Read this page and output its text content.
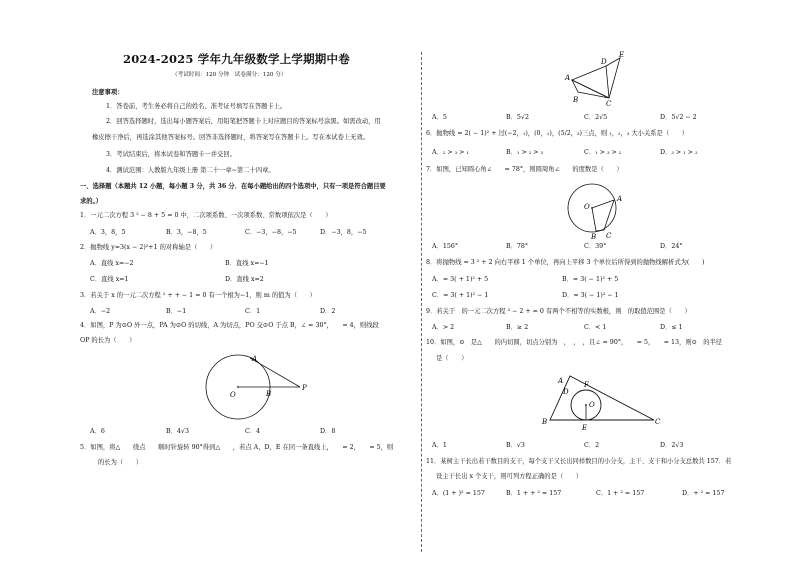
2024-2025 学年九年级数学上学期期中卷
（考试时间：120 分钟　试卷满分：120 分）
注意事项：
1．答卷前，考生务必将自己的姓名、准考证号填写在答题卡上。
2．回答选择题时，选出每小题答案后，用铅笔把答题卡上对应题目的答案标号涂黑。如需改动，用
橡皮擦干净后，再选涂其他答案标号。回答非选择题时，将答案写在答题卡上。写在本试卷上无效。
3．考试结束后，将本试卷和答题卡一并交回。
4．测试范围：人教版九年级上册 第二十一章~第二十四章。
一、选择题（本题共 12 小题，每小题 3 分，共 36 分．在每小题给出的四个选项中，只有一项是符合题目要
求的。）
1．一元二次方程 3 ² − 8 + 5 = 0 中，二次项系数、一次项系数、常数项依次是（　　）
A．3，8，5	B．3，−8，5	C．−3，−8，−5	D．−3，8，−5
2．抛物线 y=3(x − 2)²+1 的对称轴是（　　）
A．直线 x=−2	B．直线 x=−1
C．直线 x=1	D．直线 x=2
3．若关于 x 的一元二次方程 ² + + − 1 = 0 有一个根为−1，则 m 的值为（　　）
A．−2	B．−1	C．1	D．2
4．如图，P 为⊙O 外一点，PA 为⊙O 的切线，A 为切点，PO 交⊙O 于点 B，∠ = 30°，　　= 4，则线段
OP 的长为（　　）
A
O	B
P
A．6	B．4√3	C．4	D．8
5．如图，将△　　绕点　　顺时针旋转 90°得到△　　，若点 A，D，E 在同一条直线上，　　= 2，　　= 5，则
的长为（　　）
A
B	C
D
E
A．5	B．5√2	C．2√5	D．5√2 − 2
6．抛物线 = 2( − 1)² + 过(−2，₁)，(0，₂)，(5/2，₃)三点，则 ₁，₂，₃ 大小关系是（　　）
A．₂ > ₃ > ₁	B．₁ > ₂ > ₃	C．₁ > ₃ > ₂	D．₃ > ₁ > ₂
7．如图，已知圆心角∠　　= 78°，则圆周角∠　　的度数是（　　）
A
O
B C
A．156°	B．78°	C．39°	D．24°
8．将抛物线 = 3 ² + 2 向右平移 1 个单位，再向上平移 3 个单位后所得到的抛物线解析式为(　　)
A．= 3( + 1)² + 5	B．= 3( − 1)² + 5
C．= 3( + 1)² − 1	D．= 3( − 1)² − 1
9．若关于　的一元二次方程 ² − 2 + = 0 有两个不相等的实数根，则　的取值范围是（　　）
A．> 2	B．≥ 2	C．< 1	D．≤ 1
10．如图，⊙　是△　　的内切圆，切点分别为　，　，　，且∠ = 90°，　　= 5，　　= 13，则⊙　的半径
是（　　）
A
D
F
O
B
E
C
A．1	B．√3	C．2	D．2√3
11．某树主干长出若干数目的支干，每个支干又长出同样数目的小分支，主干、支干和小分支总数共 157．若
设主干长出 x 个支干，则可列方程正确的是（　　）
A．(1 + )² = 157	B．1 + + ² = 157	C．1 + ² = 157	D．+ ² = 157
